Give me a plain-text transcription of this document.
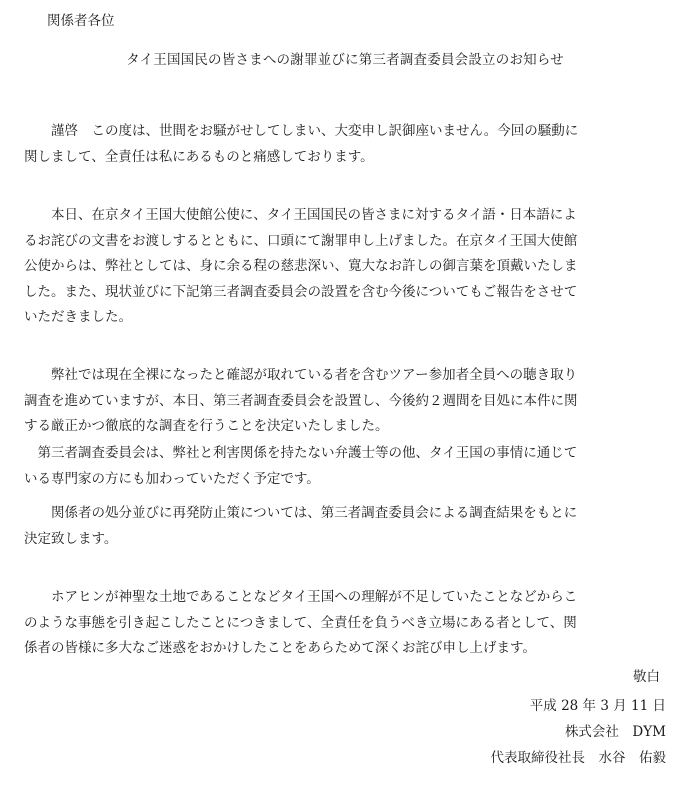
関係者各位
タイ王国国民の皆さまへの謝罪並びに第三者調査委員会設立のお知らせ
　　謹啓　この度は、世間をお騒がせしてしまい、大変申し訳御座いません。今回の騒動に
関しまして、全責任は私にあるものと痛感しております。
　　本日、在京タイ王国大使館公使に、タイ王国国民の皆さまに対するタイ語・日本語によ
るお詫びの文書をお渡しするとともに、口頭にて謝罪申し上げました。在京タイ王国大使館
公使からは、弊社としては、身に余る程の慈悲深い、寛大なお許しの御言葉を頂戴いたしま
した。また、現状並びに下記第三者調査委員会の設置を含む今後についてもご報告をさせて
いただきました。
　　弊社では現在全裸になったと確認が取れている者を含むツアー参加者全員への聴き取り
調査を進めていますが、本日、第三者調査委員会を設置し、今後約２週間を目処に本件に関
する厳正かつ徹底的な調査を行うことを決定いたしました。
　第三者調査委員会は、弊社と利害関係を持たない弁護士等の他、タイ王国の事情に通じて
いる専門家の方にも加わっていただく予定です。
　　関係者の処分並びに再発防止策については、第三者調査委員会による調査結果をもとに
決定致します。
　　ホアヒンが神聖な土地であることなどタイ王国への理解が不足していたことなどからこ
のような事態を引き起こしたことにつきまして、全責任を負うべき立場にある者として、関
係者の皆様に多大なご迷惑をおかけしたことをあらためて深くお詫び申し上げます。
敬白
平成 28 年 3 月 11 日
株式会社　DYM
代表取締役社長　水谷　佑毅
